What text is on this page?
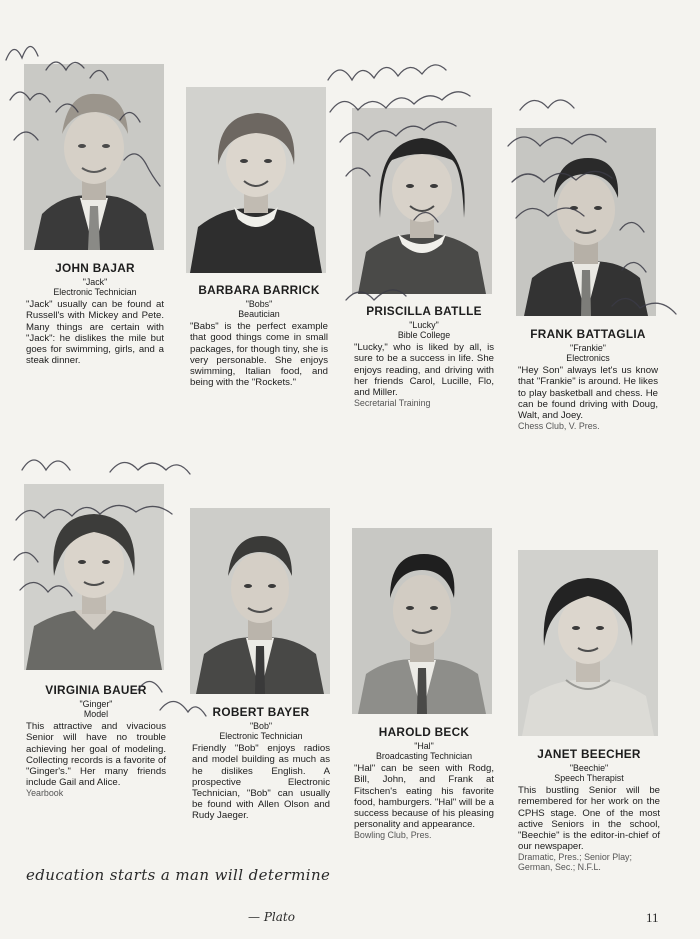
JOHN BAJAR
"Jack"
Electronic Technician
"Jack" usually can be found at Russell's with Mickey and Pete. Many things are certain with "Jack": he dislikes the mile but goes for swimming, girls, and a steak dinner.
BARBARA BARRICK
"Bobs"
Beautician
"Babs" is the perfect example that good things come in small packages, for though tiny, she is very personable. She enjoys swimming, Italian food, and being with the "Rockets."
PRISCILLA BATLLE
"Lucky"
Bible College
"Lucky," who is liked by all, is sure to be a success in life. She enjoys reading, and driving with her friends Carol, Lucille, Flo, and Miller.
Secretarial Training
FRANK BATTAGLIA
"Frankie"
Electronics
"Hey Son" always let's us know that "Frankie" is around. He likes to play basketball and chess. He can be found driving with Doug, Walt, and Joey.
Chess Club, V. Pres.
VIRGINIA BAUER
"Ginger"
Model
This attractive and vivacious Senior will have no trouble achieving her goal of modeling. Collecting records is a favorite of "Ginger's." Her many friends include Gail and Alice.
Yearbook
ROBERT BAYER
"Bob"
Electronic Technician
Friendly "Bob" enjoys radios and model building as much as he dislikes English. A prospective Electronic Technician, "Bob" can usually be found with Allen Olson and Rudy Jaeger.
HAROLD BECK
"Hal"
Broadcasting Technician
"Hal" can be seen with Rodg, Bill, John, and Frank at Fitschen's eating his favorite food, hamburgers. "Hal" will be a success because of his pleasing personality and appearance.
Bowling Club, Pres.
JANET BEECHER
"Beechie"
Speech Therapist
This bustling Senior will be remembered for her work on the CPHS stage. One of the most active Seniors in the school, "Beechie" is the editor-in-chief of our newspaper.
Dramatic, Pres.; Senior Play; German, Sec.; N.F.L.
education starts a man will determine
— Plato	11
